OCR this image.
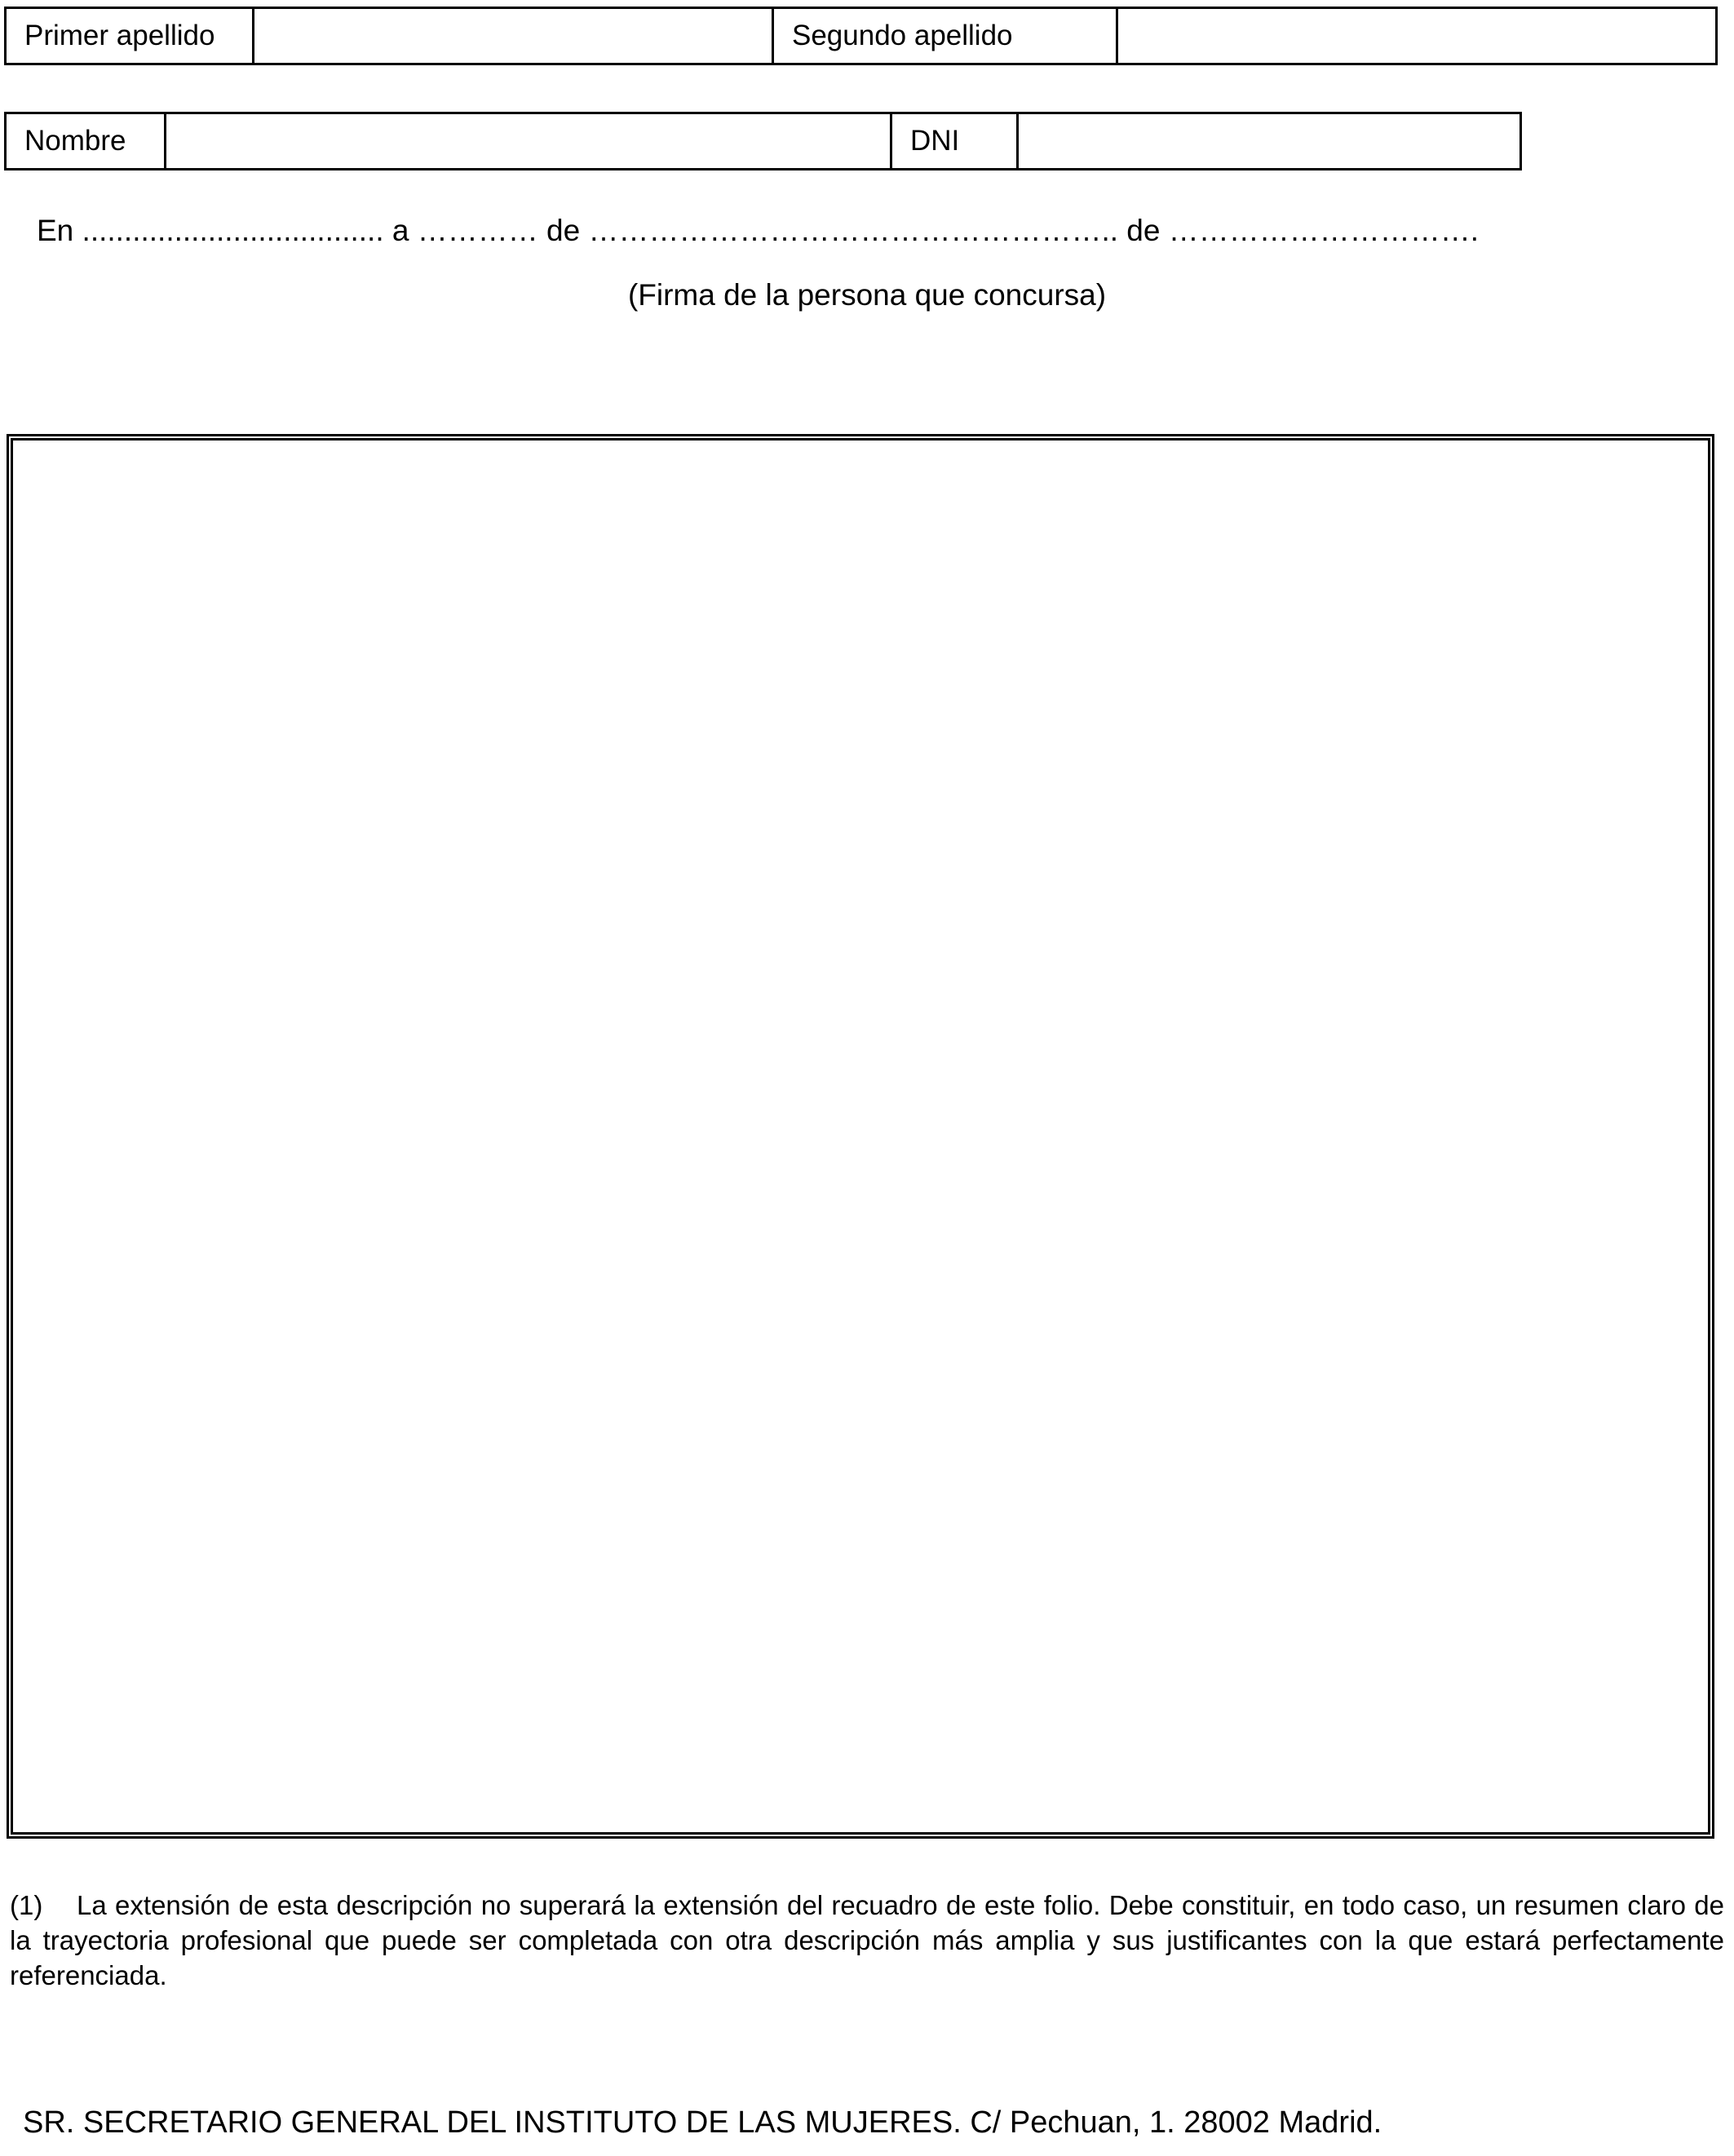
Primer apellido		Segundo apellido	
Nombre		DNI	
En .................................... a ………… de …………………………………………….. de ………………………….
(Firma de la persona que concursa)
(1) La extensión de esta descripción no superará la extensión del recuadro de este folio. Debe constituir, en todo caso, un resumen claro de la trayectoria profesional que puede ser completada con otra descripción más amplia y sus justificantes con la que estará perfectamente referenciada.
SR. SECRETARIO GENERAL DEL INSTITUTO DE LAS MUJERES. C/ Pechuan, 1. 28002 Madrid.
